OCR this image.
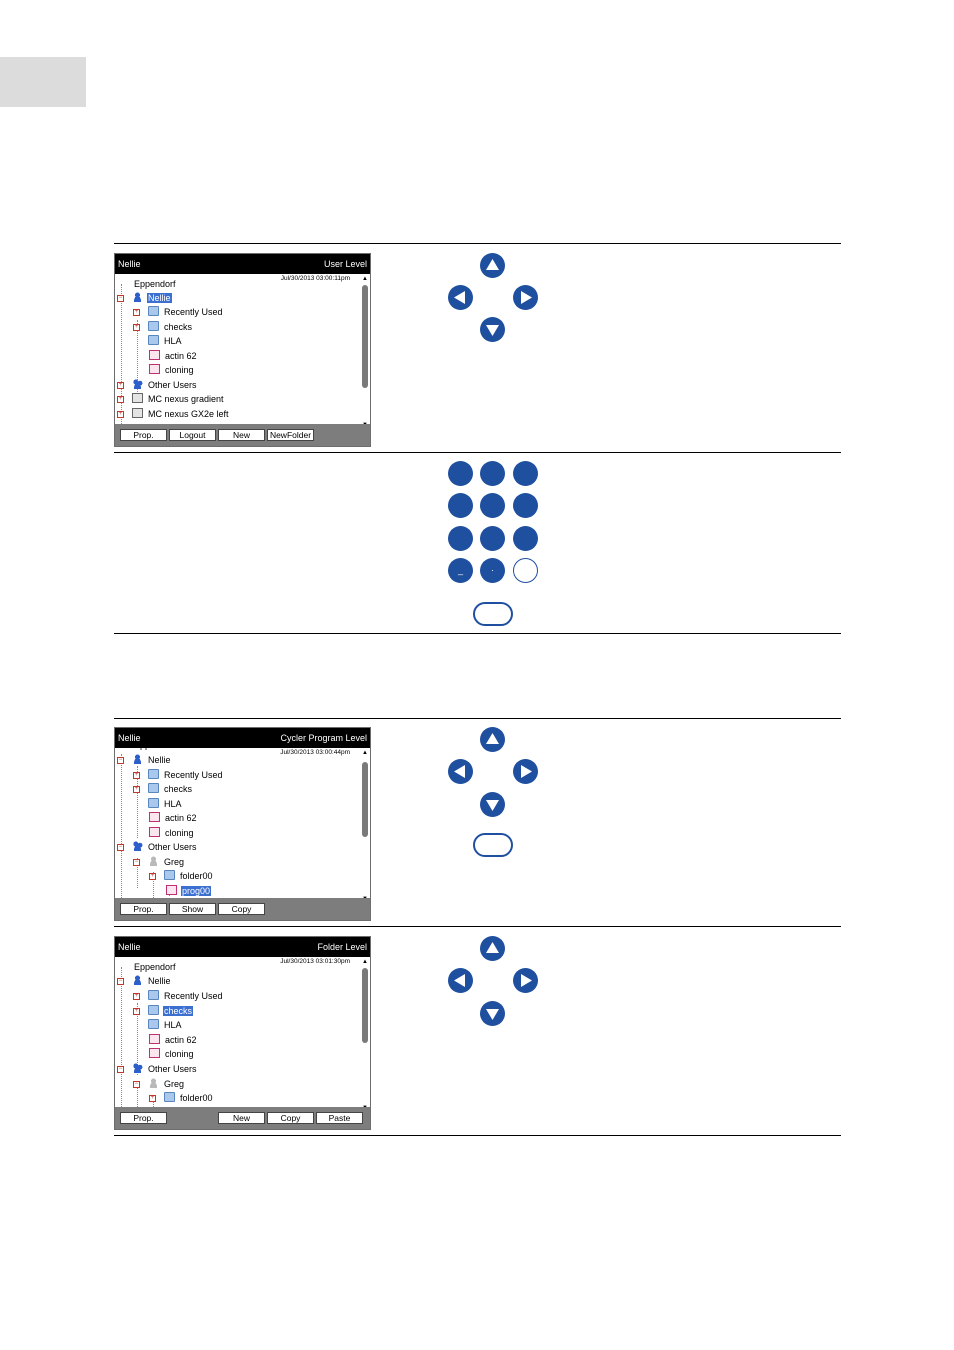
Nellie	User Level
Jul/30/2013 03:00:11pm
Eppendorf
−	Nellie
+	Recently Used
+	checks
HLA
actin 62
cloning
+	Other Users
+	MC nexus gradient
+	MC nexus GX2e left
▲
Prop.	Logout	New	NewFolder
_	·
Nellie	Cycler Program Level
Jul/30/2013 03:00:44pm
Eppendorf
−	Nellie
+	Recently Used
+	checks
HLA
actin 62
cloning
−	Other Users
−	Greg
+	folder00
prog00
▲
Prop.	Show	Copy
Nellie	Folder Level
Jul/30/2013 03:01:30pm
Eppendorf
−	Nellie
+	Recently Used
+	checks
HLA
actin 62
cloning
−	Other Users
−	Greg
+	folder00
▲
Prop.	New	Copy	Paste
